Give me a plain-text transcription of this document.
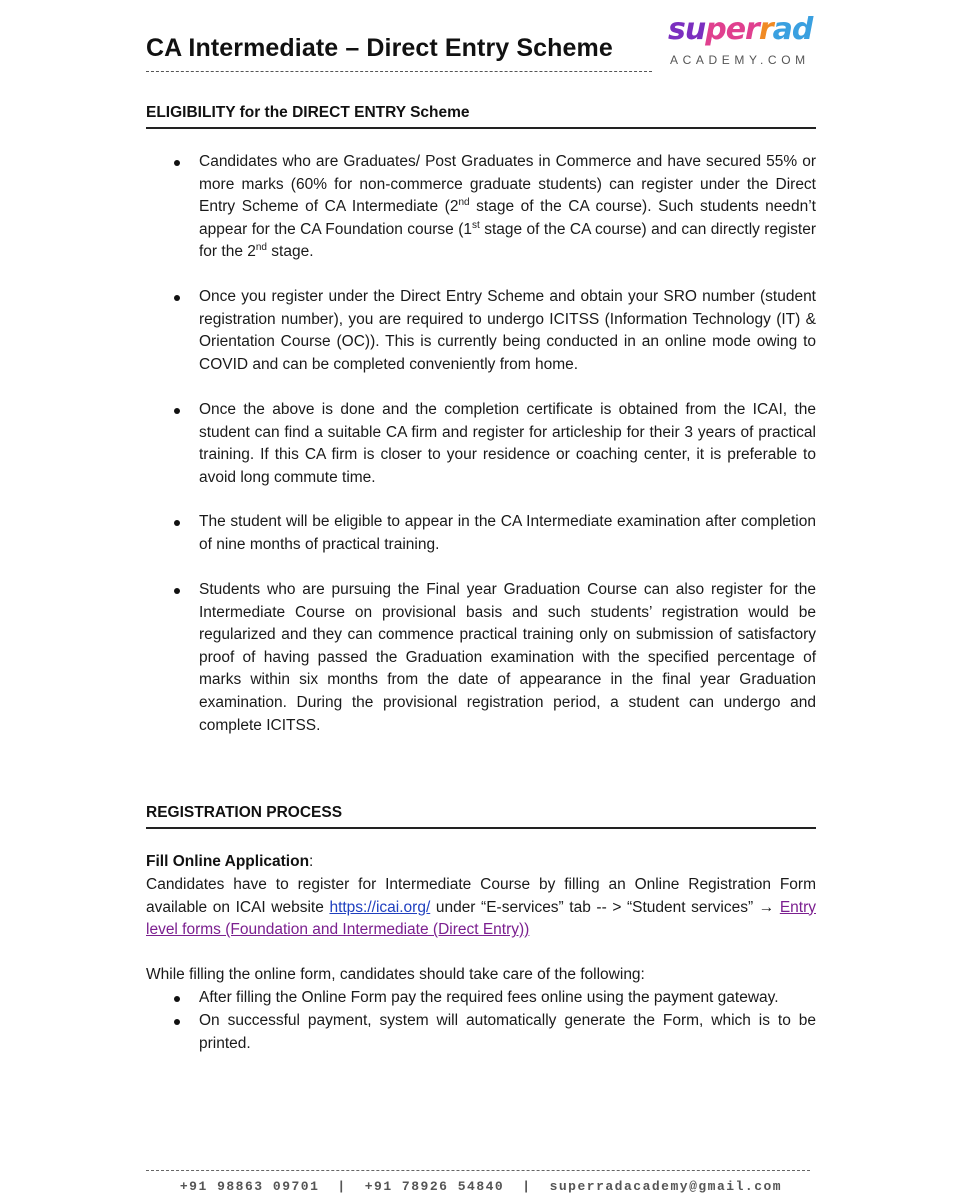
CA Intermediate – Direct Entry Scheme
superrad
ACADEMY.COM
ELIGIBILITY for the DIRECT ENTRY Scheme
Candidates who are Graduates/ Post Graduates in Commerce and have secured 55% or more marks (60% for non-commerce graduate students) can register under the Direct Entry Scheme of CA Intermediate (2nd stage of the CA course). Such students needn’t appear for the CA Foundation course (1st stage of the CA course) and can directly register for the 2nd stage.
Once you register under the Direct Entry Scheme and obtain your SRO number (student registration number), you are required to undergo ICITSS (Information Technology (IT) & Orientation Course (OC)). This is currently being conducted in an online mode owing to COVID and can be completed conveniently from home.
Once the above is done and the completion certificate is obtained from the ICAI, the student can find a suitable CA firm and register for articleship for their 3 years of practical training. If this CA firm is closer to your residence or coaching center, it is preferable to avoid long commute time.
The student will be eligible to appear in the CA Intermediate examination after completion of nine months of practical training.
Students who are pursuing the Final year Graduation Course can also register for the Intermediate Course on provisional basis and such students’ registration would be regularized and they can commence practical training only on submission of satisfactory proof of having passed the Graduation examination with the specified percentage of marks within six months from the date of appearance in the final year Graduation examination. During the provisional registration period, a student can undergo and complete ICITSS.
REGISTRATION PROCESS
Fill Online Application:

Candidates have to register for Intermediate Course by filling an Online Registration Form available on ICAI website https://icai.org/ under “E-services” tab -- > “Student services” → Entry level forms (Foundation and Intermediate (Direct Entry))

While filling the online form, candidates should take care of the following:

After filling the Online Form pay the required fees online using the payment gateway.
On successful payment, system will automatically generate the Form, which is to be printed.
+91 98863 09701 | +91 78926 54840 | superradacademy@gmail.com
